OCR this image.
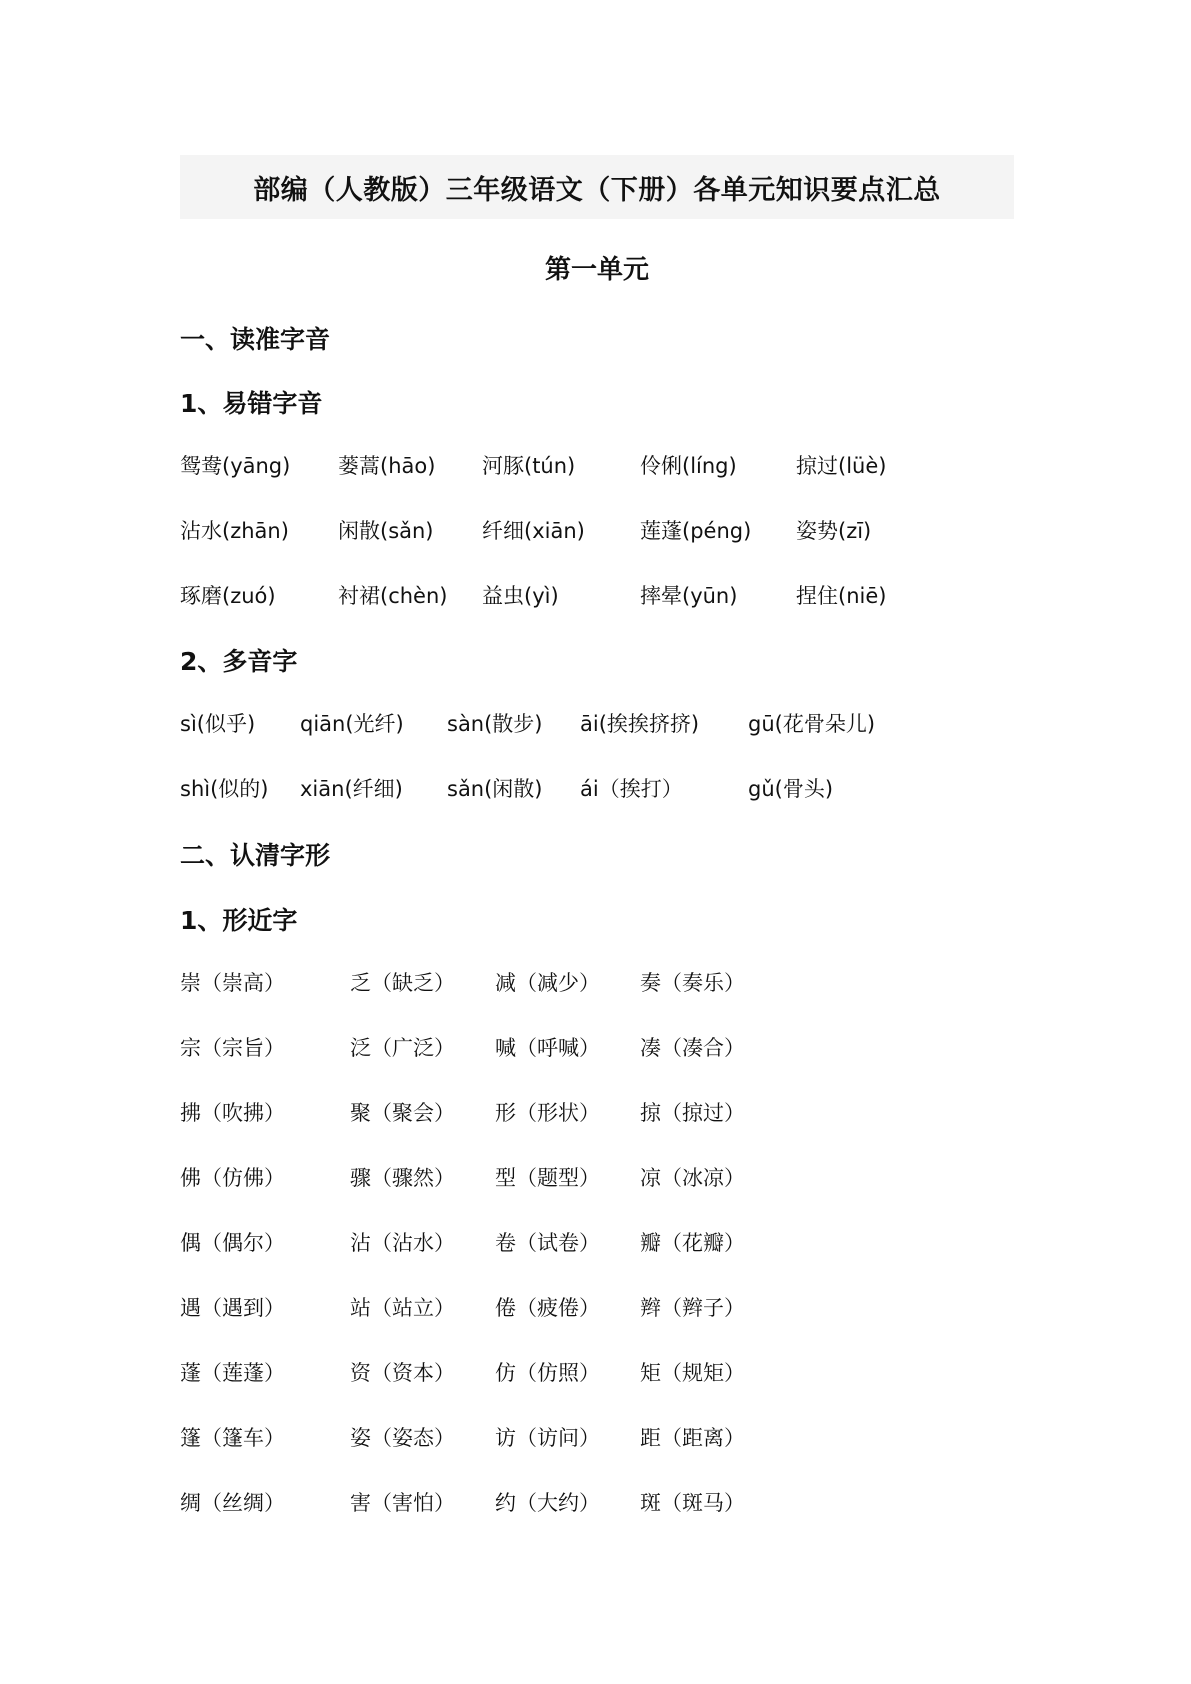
部编（人教版）三年级语文（下册）各单元知识要点汇总
第一单元
一、读准字音
1、易错字音
鸳鸯(yāng) 蒌蒿(hāo) 河豚(tún)	伶俐(líng)	掠过(lüè)
沾水(zhān) 闲散(sǎn) 纤细(xiān)	莲蓬(péng) 姿势(zī)
琢磨(zuó)	衬裙(chèn) 益虫(yì)	摔晕(yūn)	捏住(niē)
2、多音字
sì(似乎) qiān(光纤) sàn(散步) āi(挨挨挤挤) gū(花骨朵儿)
shì(似的) xiān(纤细) sǎn(闲散) ái（挨打）	gǔ(骨头)
二、认清字形
1、形近字
崇（崇高）	乏（缺乏） 减（减少） 奏（奏乐）
宗（宗旨）	泛（广泛） 喊（呼喊） 凑（凑合）
拂（吹拂）	聚（聚会） 形（形状） 掠（掠过）
佛（仿佛）	骤（骤然） 型（题型） 凉（冰凉）
偶（偶尔）	沾（沾水） 卷（试卷） 瓣（花瓣）
遇（遇到）	站（站立） 倦（疲倦） 辫（辫子）
蓬（莲蓬）	资（资本） 仿（仿照） 矩（规矩）
篷（篷车）	姿（姿态） 访（访问） 距（距离）
绸（丝绸）	害（害怕） 约（大约） 斑（斑马）
